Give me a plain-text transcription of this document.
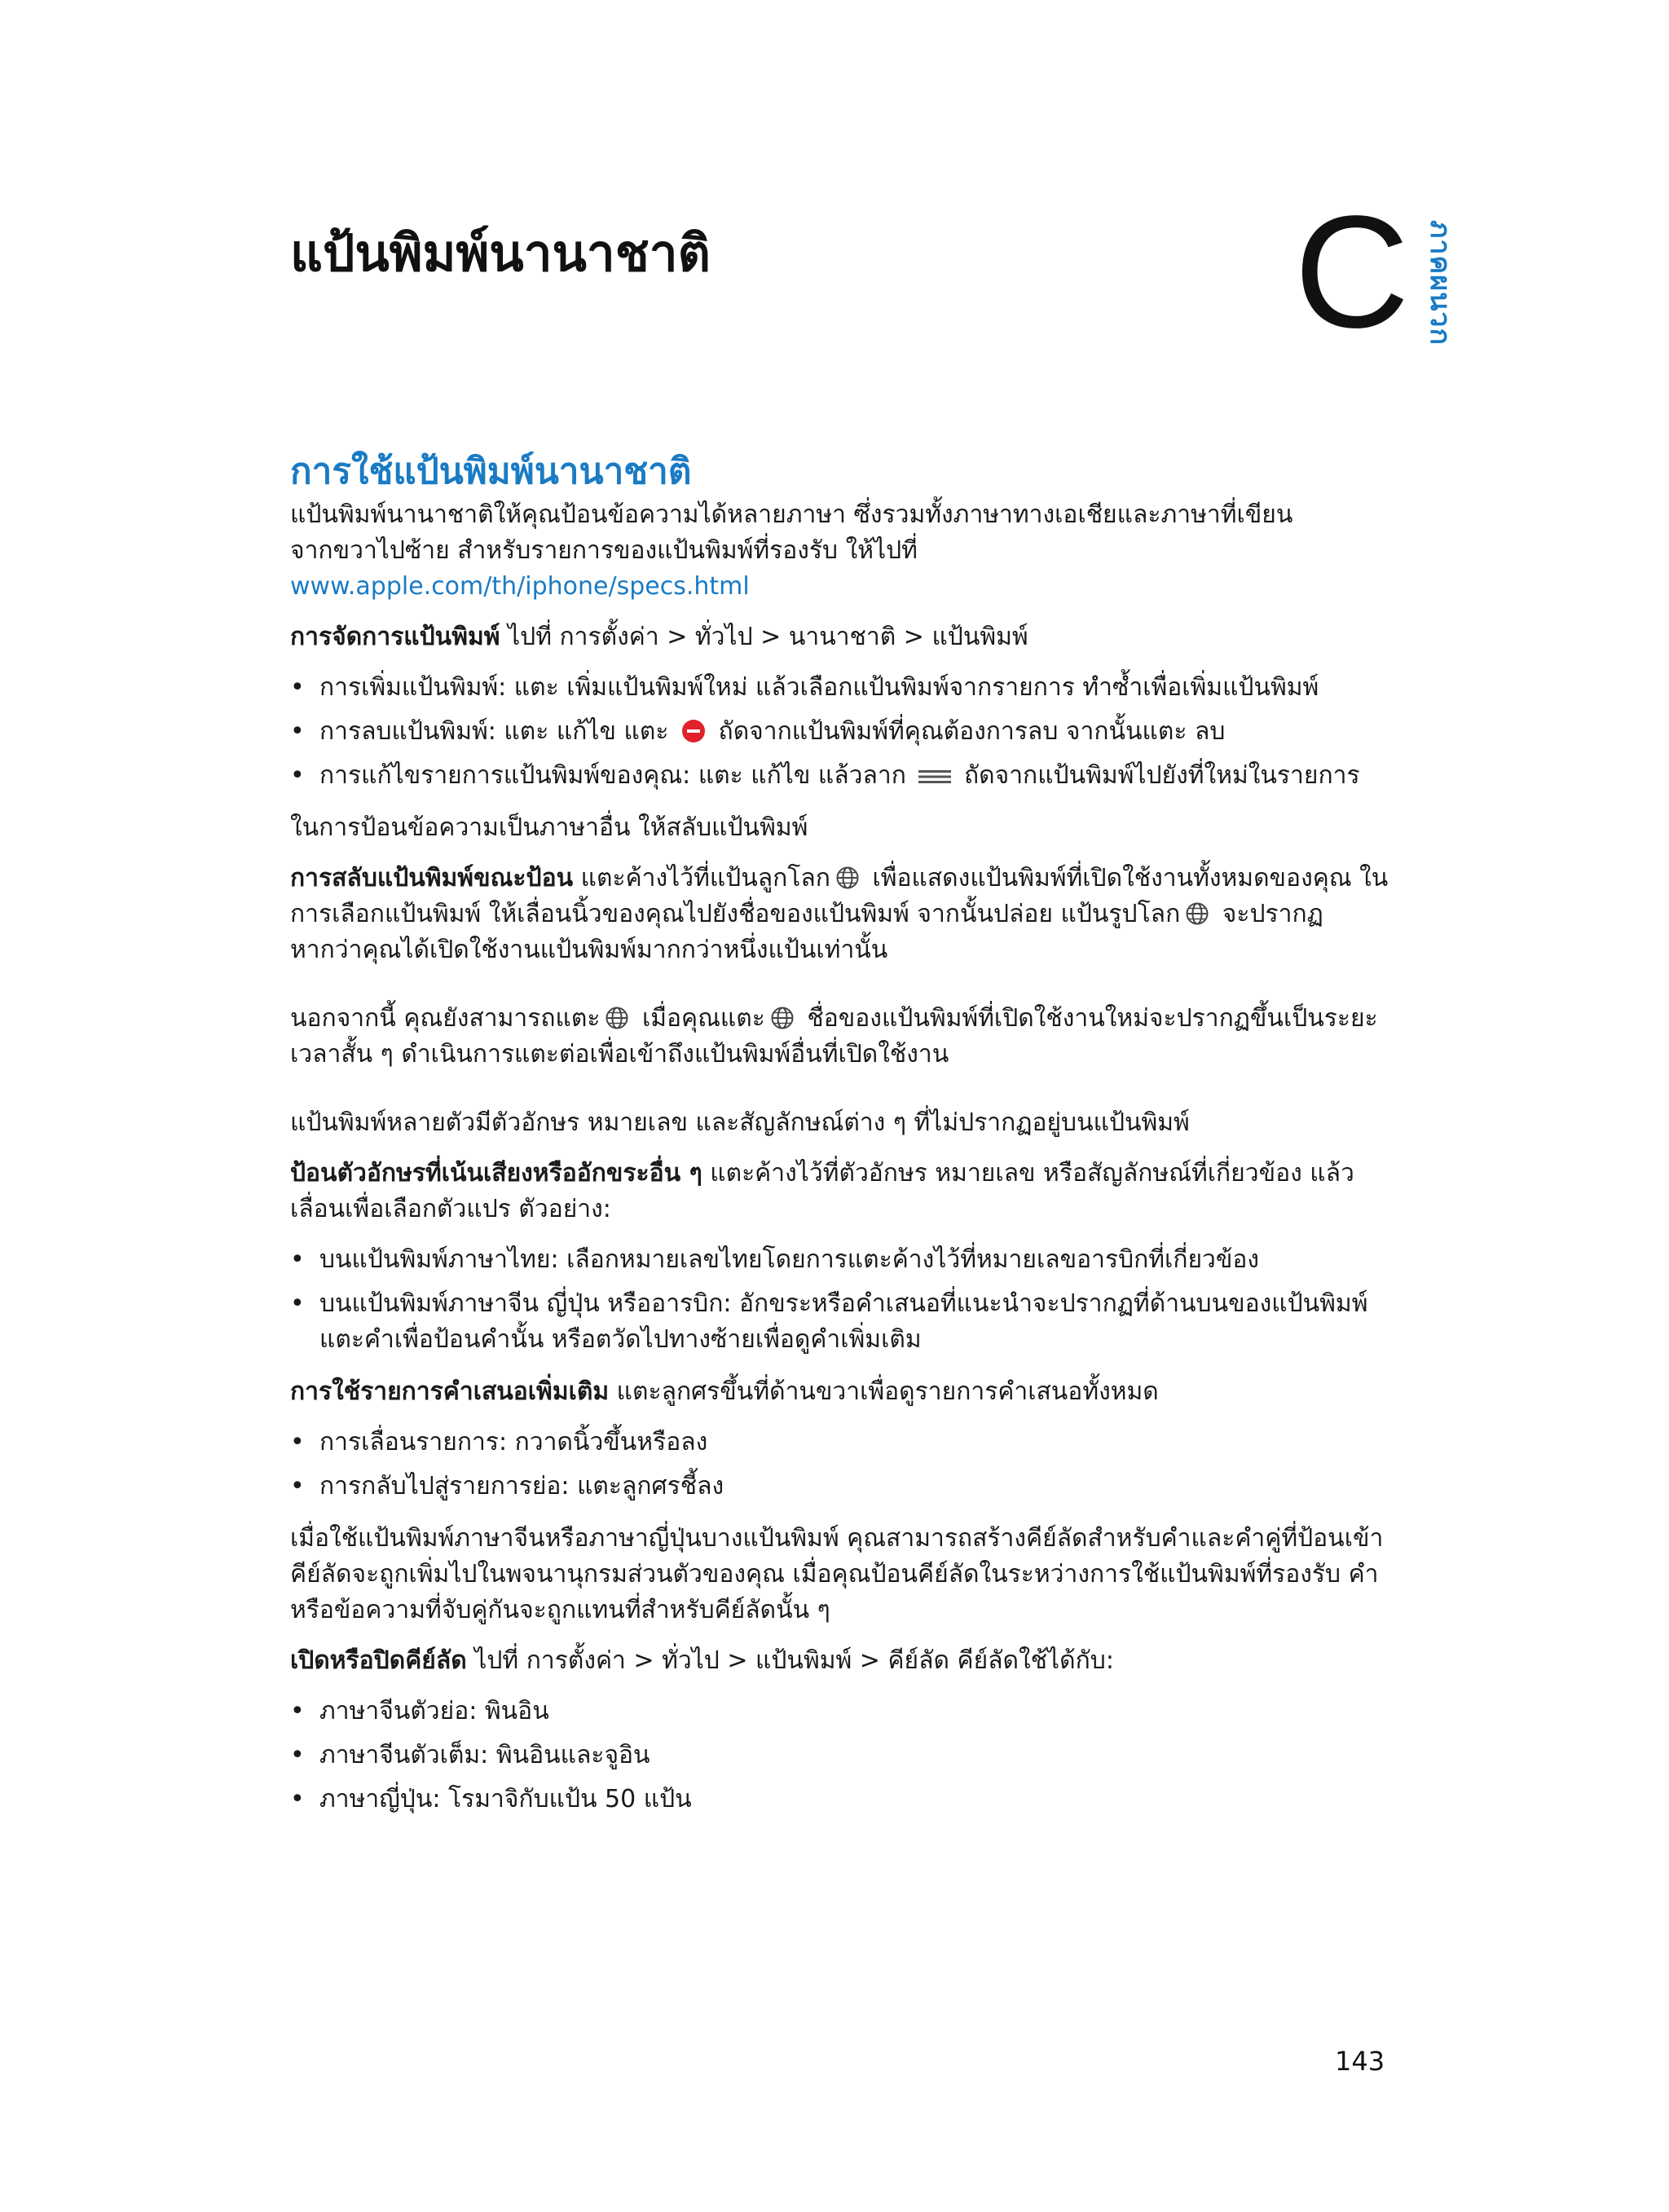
แป้นพิมพ์นานาชาติ	C ภาคผนวก
การใช้แป้นพิมพ์นานาชาติ

แป้นพิมพ์นานาชาติให้คุณป้อนข้อความได้หลายภาษา ซึ่งรวมทั้งภาษาทางเอเชียและภาษาที่เขียน
จากขวาไปซ้าย สำหรับรายการของแป้นพิมพ์ที่รองรับ ให้ไปที่
www.apple.com/th/iphone/specs.html

การจัดการแป้นพิมพ์ ไปที่ การตั้งค่า > ทั่วไป > นานาชาติ > แป้นพิมพ์

• การเพิ่มแป้นพิมพ์: แตะ เพิ่มแป้นพิมพ์ใหม่ แล้วเลือกแป้นพิมพ์จากรายการ ทำซ้ำเพื่อเพิ่มแป้นพิมพ์
• การลบแป้นพิมพ์: แตะ แก้ไข แตะ  ถัดจากแป้นพิมพ์ที่คุณต้องการลบ จากนั้นแตะ ลบ
• การแก้ไขรายการแป้นพิมพ์ของคุณ: แตะ แก้ไข แล้วลาก  ถัดจากแป้นพิมพ์ไปยังที่ใหม่ในรายการ

ในการป้อนข้อความเป็นภาษาอื่น ให้สลับแป้นพิมพ์

การสลับแป้นพิมพ์ขณะป้อน แตะค้างไว้ที่แป้นลูกโลก เพื่อแสดงแป้นพิมพ์ที่เปิดใช้งานทั้งหมดของคุณ ในการเลือกแป้นพิมพ์ ให้เลื่อนนิ้วของคุณไปยังชื่อของแป้นพิมพ์ จากนั้นปล่อย แป้นรูปโลก จะปรากฏหากว่าคุณได้เปิดใช้งานแป้นพิมพ์มากกว่าหนึ่งแป้นเท่านั้น

นอกจากนี้ คุณยังสามารถแตะ เมื่อคุณแตะ ชื่อของแป้นพิมพ์ที่เปิดใช้งานใหม่จะปรากฏขึ้นเป็นระยะเวลาสั้น ๆ ดำเนินการแตะต่อเพื่อเข้าถึงแป้นพิมพ์อื่นที่เปิดใช้งาน

แป้นพิมพ์หลายตัวมีตัวอักษร หมายเลข และสัญลักษณ์ต่าง ๆ ที่ไม่ปรากฏอยู่บนแป้นพิมพ์

ป้อนตัวอักษรที่เน้นเสียงหรืออักขระอื่น ๆ แตะค้างไว้ที่ตัวอักษร หมายเลข หรือสัญลักษณ์ที่เกี่ยวข้อง แล้วเลื่อนเพื่อเลือกตัวแปร ตัวอย่าง:

• บนแป้นพิมพ์ภาษาไทย: เลือกหมายเลขไทยโดยการแตะค้างไว้ที่หมายเลขอารบิกที่เกี่ยวข้อง
• บนแป้นพิมพ์ภาษาจีน ญี่ปุ่น หรืออารบิก: อักขระหรือคำเสนอที่แนะนำจะปรากฏที่ด้านบนของแป้นพิมพ์ แตะคำเพื่อป้อนคำนั้น หรือตวัดไปทางซ้ายเพื่อดูคำเพิ่มเติม

การใช้รายการคำเสนอเพิ่มเติม แตะลูกศรขึ้นที่ด้านขวาเพื่อดูรายการคำเสนอทั้งหมด

• การเลื่อนรายการ: กวาดนิ้วขึ้นหรือลง
• การกลับไปสู่รายการย่อ: แตะลูกศรชี้ลง

เมื่อใช้แป้นพิมพ์ภาษาจีนหรือภาษาญี่ปุ่นบางแป้นพิมพ์ คุณสามารถสร้างคีย์ลัดสำหรับคำและคำคู่ที่ป้อนเข้า คีย์ลัดจะถูกเพิ่มไปในพจนานุกรมส่วนตัวของคุณ เมื่อคุณป้อนคีย์ลัดในระหว่างการใช้แป้นพิมพ์ที่รองรับ คำหรือข้อความที่จับคู่กันจะถูกแทนที่สำหรับคีย์ลัดนั้น ๆ

เปิดหรือปิดคีย์ลัด ไปที่ การตั้งค่า > ทั่วไป > แป้นพิมพ์ > คีย์ลัด คีย์ลัดใช้ได้กับ:

• ภาษาจีนตัวย่อ: พินอิน
• ภาษาจีนตัวเต็ม: พินอินและจูอิน
• ภาษาญี่ปุ่น: โรมาจิกับแป้น 50 แป้น
143
